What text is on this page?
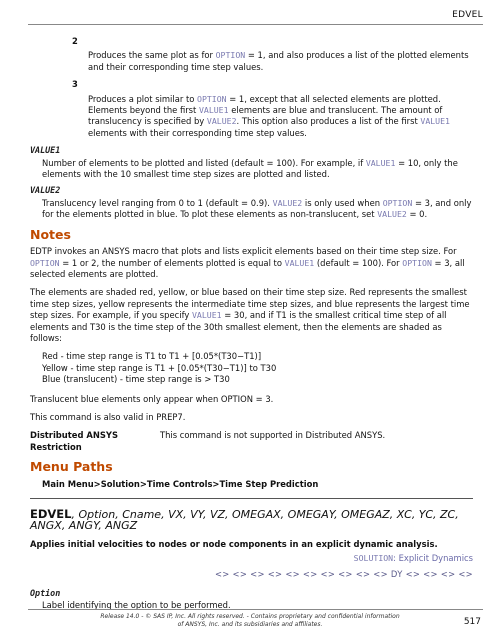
EDVEL
2
Produces the same plot as for OPTION = 1, and also produces a list of the plotted elements and their corresponding time step values.
3
Produces a plot similar to OPTION = 1, except that all selected elements are plotted. Elements beyond the first VALUE1 elements are blue and translucent. The amount of translucency is specified by VALUE2. This option also produces a list of the first VALUE1 elements with their corresponding time step values.
VALUE1
Number of elements to be plotted and listed (default = 100). For example, if VALUE1 = 10, only the elements with the 10 smallest time step sizes are plotted and listed.
VALUE2
Translucency level ranging from 0 to 1 (default = 0.9). VALUE2 is only used when OPTION = 3, and only for the elements plotted in blue. To plot these elements as non-translucent, set VALUE2 = 0.
Notes

EDTP invokes an ANSYS macro that plots and lists explicit elements based on their time step size. For OPTION = 1 or 2, the number of elements plotted is equal to VALUE1 (default = 100). For OPTION = 3, all selected elements are plotted.

The elements are shaded red, yellow, or blue based on their time step size. Red represents the smallest time step sizes, yellow represents the intermediate time step sizes, and blue represents the largest time step sizes. For example, if you specify VALUE1 = 30, and if T1 is the smallest critical time step of all elements and T30 is the time step of the 30th smallest element, then the elements are shaded as follows:

Red - time step range is T1 to T1 + [0.05*(T30−T1)]
Yellow - time step range is T1 + [0.05*(T30−T1)] to T30
Blue (translucent) - time step range is > T30

Translucent blue elements only appear when OPTION = 3.

This command is also valid in PREP7.

Distributed ANSYS Restriction
This command is not supported in Distributed ANSYS.
Menu Paths
Main Menu>Solution>Time Controls>Time Step Prediction
EDVEL, Option, Cname, VX, VY, VZ, OMEGAX, OMEGAY, OMEGAZ, XC, YC, ZC, ANGX, ANGY, ANGZ
Applies initial velocities to nodes or node components in an explicit dynamic analysis.
SOLUTION: Explicit Dynamics
<> <> <> <> <> <> <> <> <> <> DY <> <> <> <>
Option
Label identifying the option to be performed.
Release 14.0 - © SAS IP, Inc. All rights reserved. - Contains proprietary and confidential information
of ANSYS, Inc. and its subsidiaries and affiliates.	517
